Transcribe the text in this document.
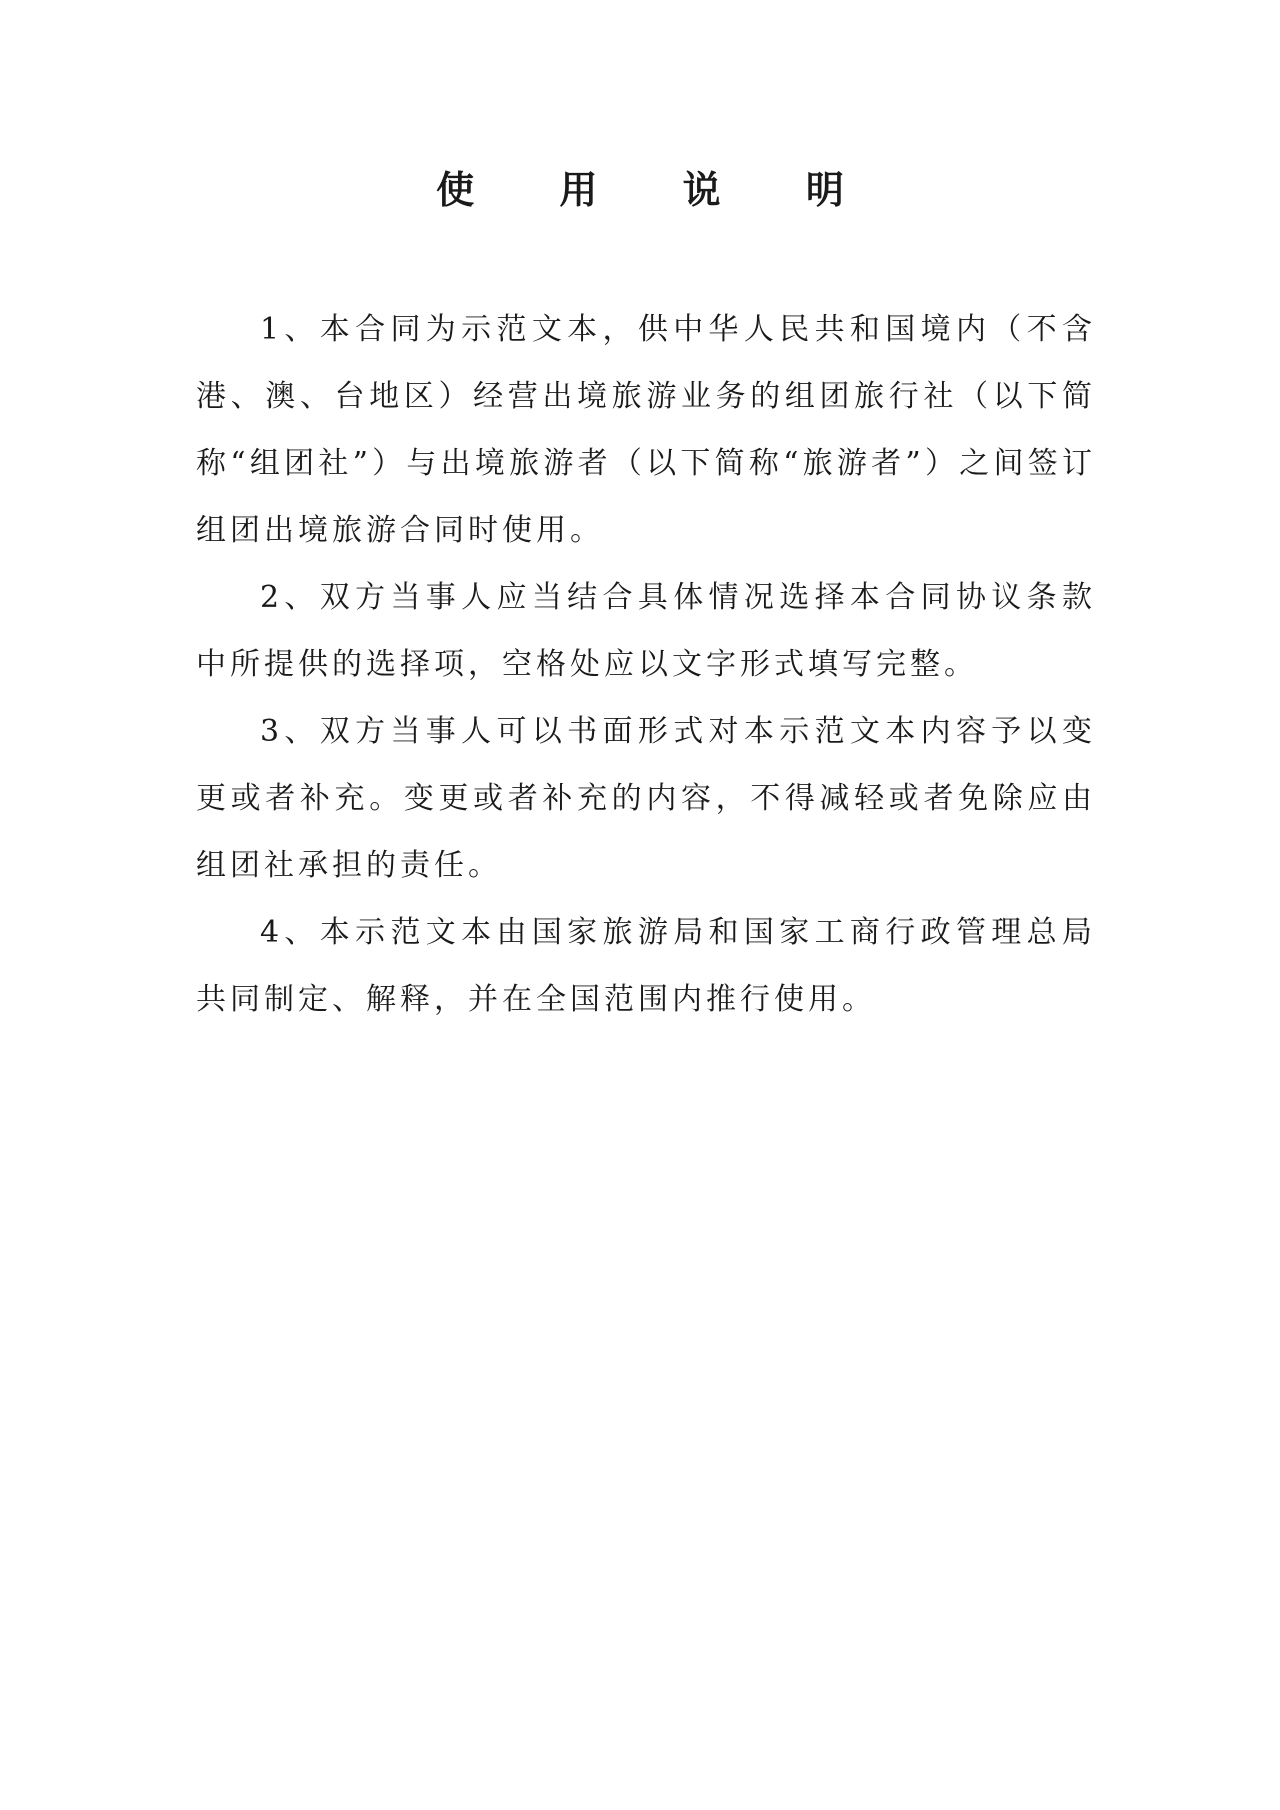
使 用 说 明

1、本合同为示范文本，供中华人民共和国境内（不含港、澳、台地区）经营出境旅游业务的组团旅行社（以下简称“组团社”）与出境旅游者（以下简称“旅游者”）之间签订组团出境旅游合同时使用。

2、双方当事人应当结合具体情况选择本合同协议条款中所提供的选择项，空格处应以文字形式填写完整。

3、双方当事人可以书面形式对本示范文本内容予以变更或者补充。变更或者补充的内容，不得减轻或者免除应由组团社承担的责任。

4、本示范文本由国家旅游局和国家工商行政管理总局共同制定、解释，并在全国范围内推行使用。
